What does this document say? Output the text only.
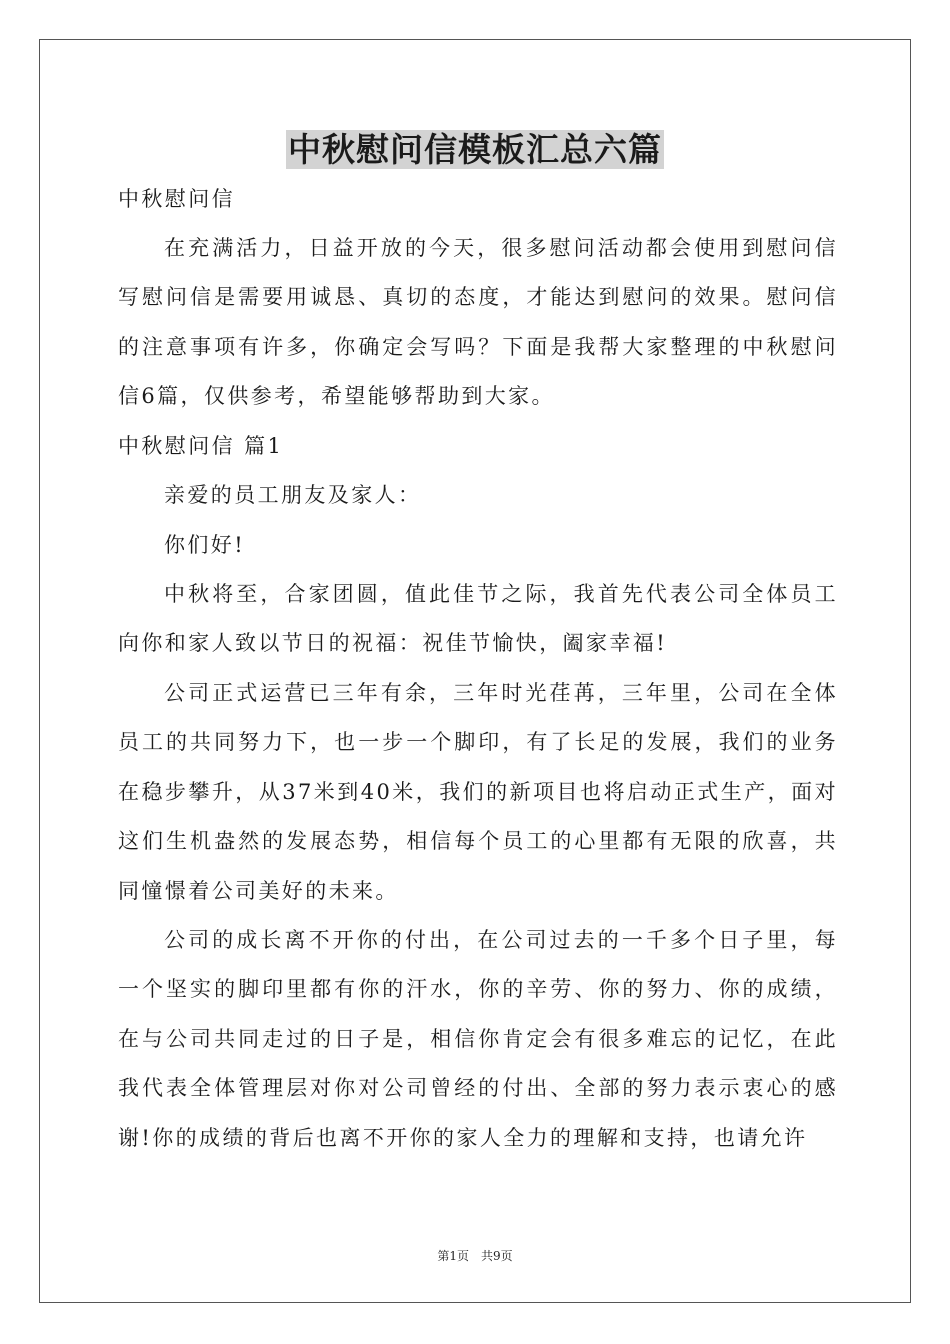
中秋慰问信模板汇总六篇

中秋慰问信

在充满活力，日益开放的今天，很多慰问活动都会使用到慰问信写慰问信是需要用诚恳、真切的态度，才能达到慰问的效果。慰问信的注意事项有许多，你确定会写吗？下面是我帮大家整理的中秋慰问信6篇，仅供参考，希望能够帮助到大家。

中秋慰问信 篇1

亲爱的员工朋友及家人：

你们好!

中秋将至，合家团圆，值此佳节之际，我首先代表公司全体员工向你和家人致以节日的祝福：祝佳节愉快，阖家幸福!

公司正式运营已三年有余，三年时光荏苒，三年里，公司在全体员工的共同努力下，也一步一个脚印，有了长足的发展，我们的业务在稳步攀升，从37米到40米，我们的新项目也将启动正式生产，面对这们生机盎然的发展态势，相信每个员工的心里都有无限的欣喜，共同憧憬着公司美好的未来。

公司的成长离不开你的付出，在公司过去的一千多个日子里，每一个坚实的脚印里都有你的汗水，你的辛劳、你的努力、你的成绩，在与公司共同走过的日子是，相信你肯定会有很多难忘的记忆，在此我代表全体管理层对你对公司曾经的付出、全部的努力表示衷心的感谢!你的成绩的背后也离不开你的家人全力的理解和支持，也请允许

第1页　共9页
